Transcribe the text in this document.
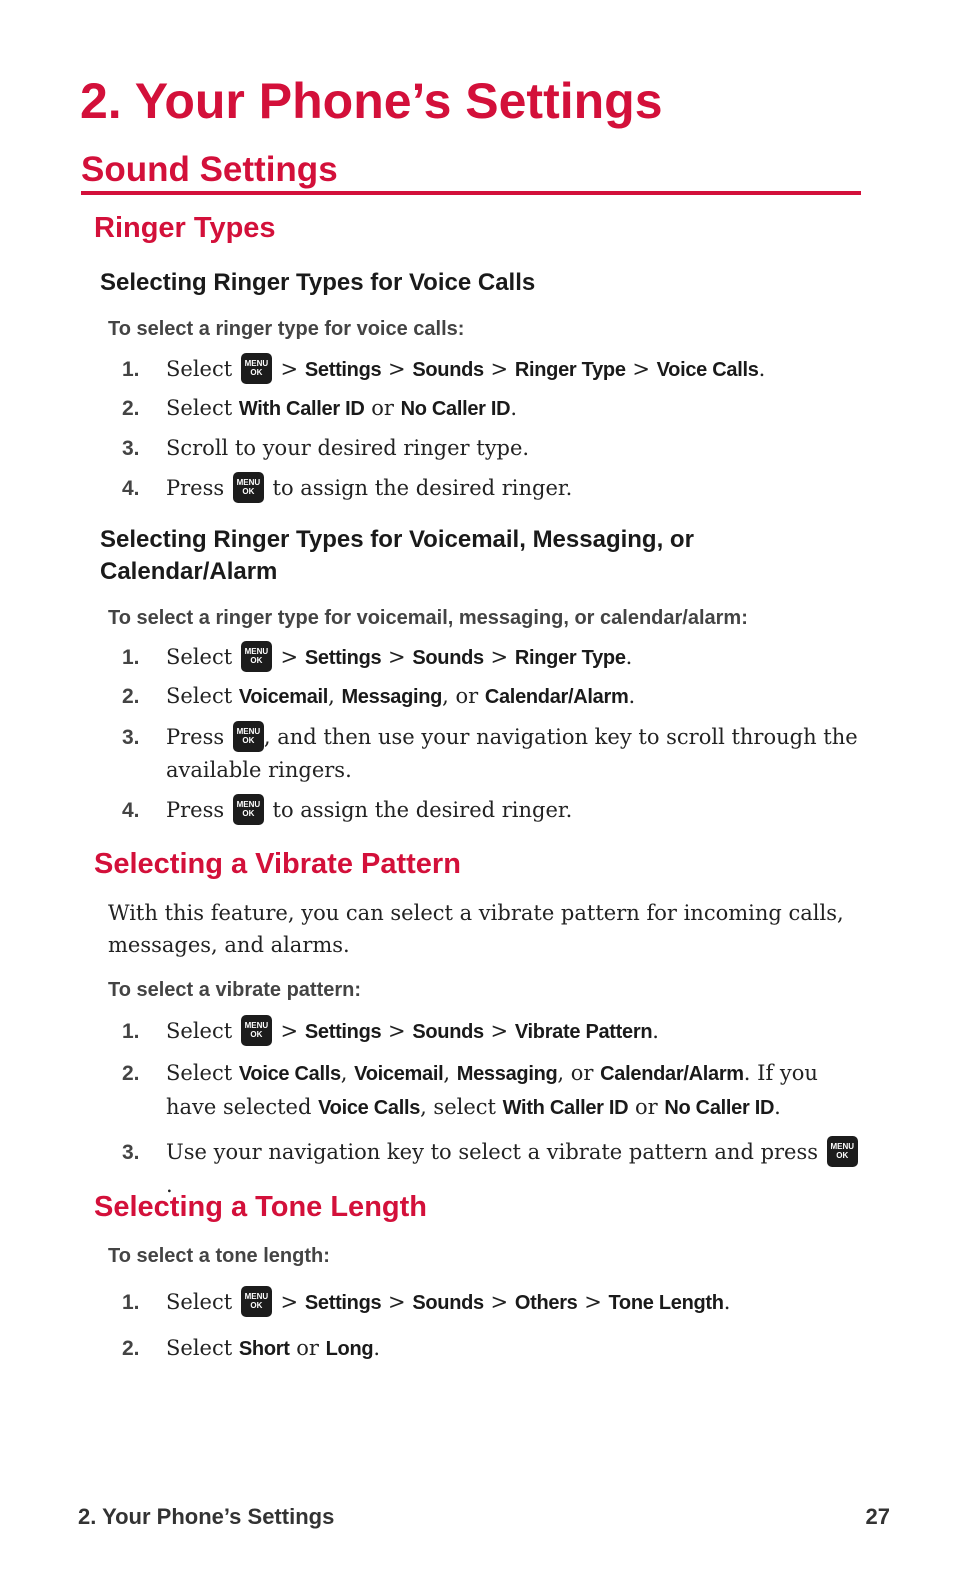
2. Your Phone’s Settings
Sound Settings
Ringer Types
Selecting Ringer Types for Voice Calls

To select a ringer type for voice calls:

1. Select	MENU
OK > Settings > Sounds > Ringer Type > Voice Calls.
2. Select With Caller ID or No Caller ID.
3. Scroll to your desired ringer type.
4. Press	MENU
OK to assign the desired ringer.
Selecting Ringer Types for Voicemail, Messaging, or Calendar/Alarm

To select a ringer type for voicemail, messaging, or calendar/alarm:

1. Select	MENU
OK > Settings > Sounds > Ringer Type.
2. Select Voicemail, Messaging, or Calendar/Alarm.
3. Press	MENU
OK , and then use your navigation key to scroll through the available ringers.
4. Press	MENU
OK to assign the desired ringer.
Selecting a Vibrate Pattern

With this feature, you can select a vibrate pattern for incoming calls, messages, and alarms.

To select a vibrate pattern:

1. Select	MENU
OK > Settings > Sounds > Vibrate Pattern.
2. Select Voice Calls, Voicemail, Messaging, or Calendar/Alarm. If you have selected Voice Calls, select With Caller ID or No Caller ID.
3. Use your navigation key to select a vibrate pattern and press	MENU
OK
.
Selecting a Tone Length

To select a tone length:

1. Select	MENU
OK > Settings > Sounds > Others > Tone Length.
2. Select Short or Long.
2. Your Phone’s Settings	27
